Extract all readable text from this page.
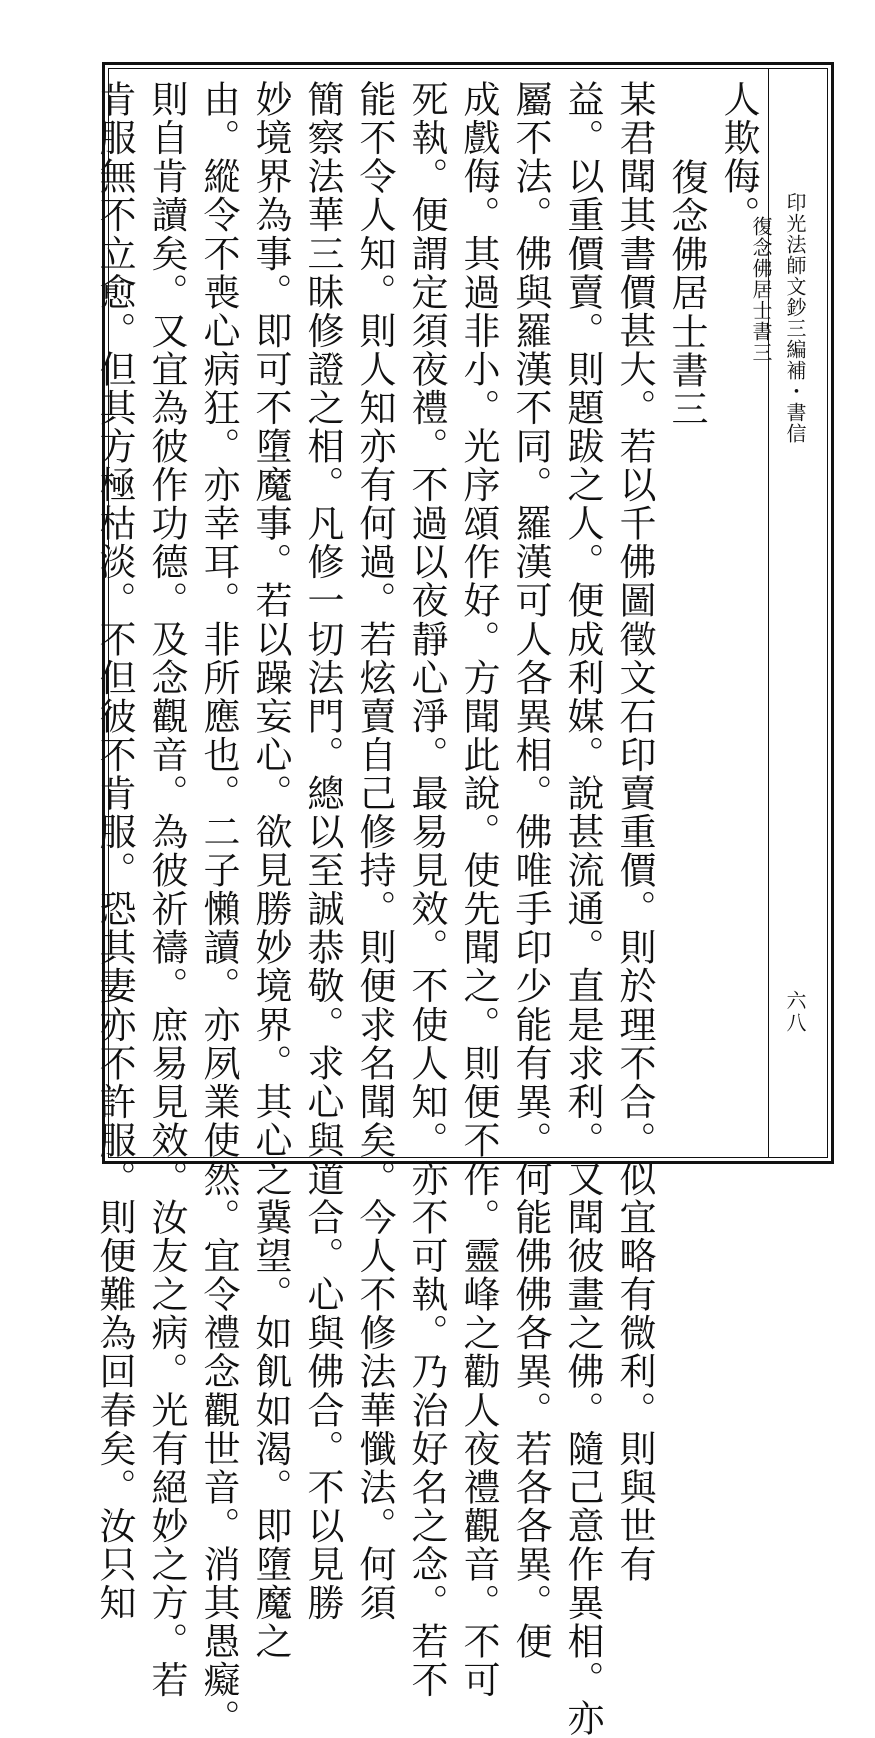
人欺侮。
復念佛居士書三
某君聞其書價甚大。若以千佛圖徵文石印賣重價。則於理不合。似宜略有微利。則與世有
益。以重價賣。則題跋之人。便成利媒。說甚流通。直是求利。又聞彼畫之佛。隨己意作異相。亦
屬不法。佛與羅漢不同。羅漢可人各異相。佛唯手印少能有異。何能佛佛各異。若各各異。便
成戲侮。其過非小。光序頌作好。方聞此說。使先聞之。則便不作。靈峰之勸人夜禮觀音。不可
死執。便謂定須夜禮。不過以夜靜心淨。最易見效。不使人知。亦不可執。乃治好名之念。若不
能不令人知。則人知亦有何過。若炫賣自己修持。則便求名聞矣。今人不修法華懺法。何須
簡察法華三昧修證之相。凡修一切法門。總以至誠恭敬。求心與道合。心與佛合。不以見勝
妙境界為事。即可不墮魔事。若以躁妄心。欲見勝妙境界。其心之冀望。如飢如渴。即墮魔之
由。縱令不喪心病狂。亦幸耳。非所應也。二子懶讀。亦夙業使然。宜令禮念觀世音。消其愚癡。
則自肯讀矣。又宜為彼作功德。及念觀音。為彼祈禱。庶易見效。汝友之病。光有絕妙之方。若
肯服無不立愈。但其方極枯淡。不但彼不肯服。恐其妻亦不許服。則便難為回春矣。汝只知	印光法師文鈔三編補・書信
復念佛居士書三
六八
